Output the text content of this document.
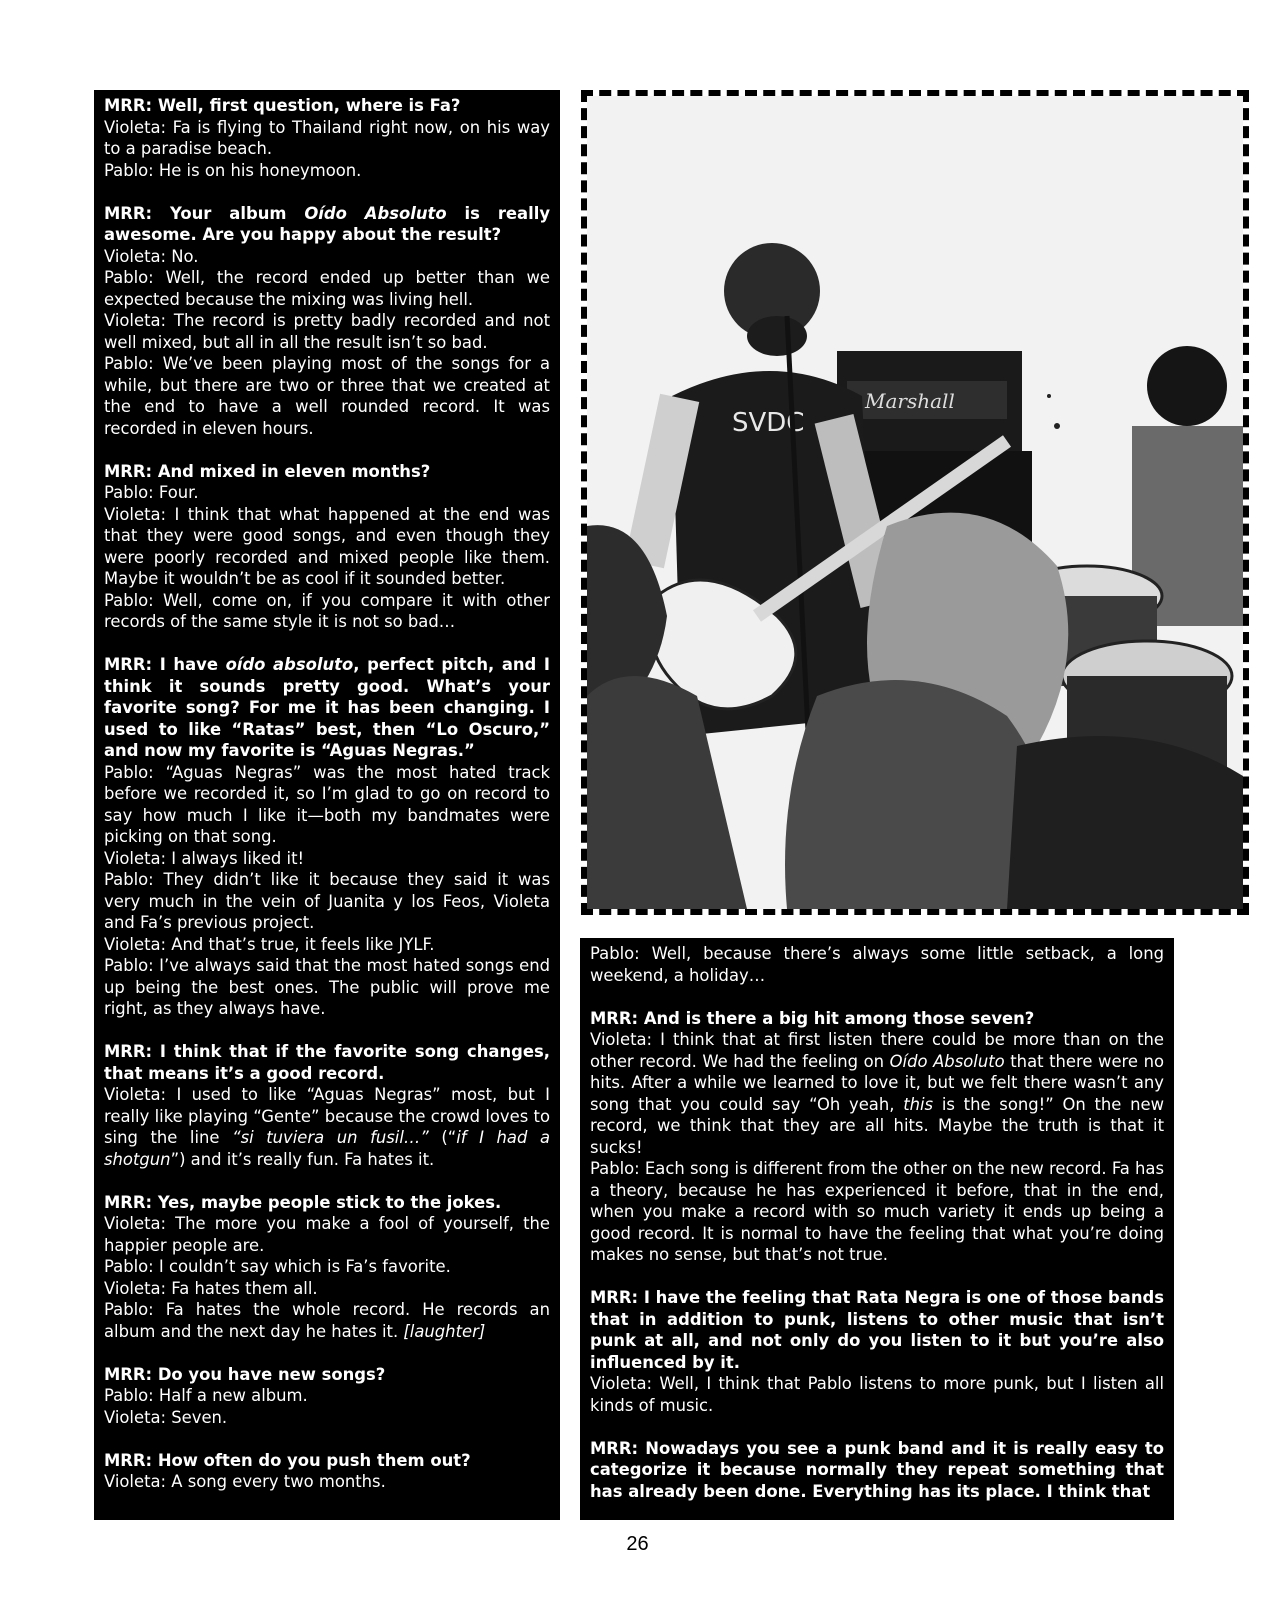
MRR: Well, first question, where is Fa?

Violeta: Fa is flying to Thailand right now, on his way to a paradise beach.

Pablo: He is on his honeymoon.

MRR: Your album Oído Absoluto is really awesome. Are you happy about the result?

Violeta: No.

Pablo: Well, the record ended up better than we expected because the mixing was living hell.

Violeta: The record is pretty badly recorded and not well mixed, but all in all the result isn’t so bad.

Pablo: We’ve been playing most of the songs for a while, but there are two or three that we created at the end to have a well rounded record. It was recorded in eleven hours.

MRR: And mixed in eleven months?

Pablo: Four.

Violeta: I think that what happened at the end was that they were good songs, and even though they were poorly recorded and mixed people like them. Maybe it wouldn’t be as cool if it sounded better.

Pablo: Well, come on, if you compare it with other records of the same style it is not so bad…

MRR: I have oído absoluto, perfect pitch, and I think it sounds pretty good. What’s your favorite song? For me it has been changing. I used to like “Ratas” best, then “Lo Oscuro,” and now my favorite is “Aguas Negras.”

Pablo: “Aguas Negras” was the most hated track before we recorded it, so I’m glad to go on record to say how much I like it—both my bandmates were picking on that song.

Violeta: I always liked it!

Pablo: They didn’t like it because they said it was very much in the vein of Juanita y los Feos, Violeta and Fa’s previous project.

Violeta: And that’s true, it feels like JYLF.

Pablo: I’ve always said that the most hated songs end up being the best ones. The public will prove me right, as they always have.

MRR: I think that if the favorite song changes, that means it’s a good record.

Violeta: I used to like “Aguas Negras” most, but I really like playing “Gente” because the crowd loves to sing the line “si tuviera un fusil…” (“if I had a shotgun”) and it’s really fun. Fa hates it.

MRR: Yes, maybe people stick to the jokes.

Violeta: The more you make a fool of yourself, the happier people are.

Pablo: I couldn’t say which is Fa’s favorite.

Violeta: Fa hates them all.

Pablo: Fa hates the whole record. He records an album and the next day he hates it. [laughter]

MRR: Do you have new songs?

Pablo: Half a new album.

Violeta: Seven.

MRR: How often do you push them out?

Violeta: A song every two months.

Marshall
SVDC

Pablo: Well, because there’s always some little setback, a long weekend, a holiday…

MRR: And is there a big hit among those seven?

Violeta: I think that at first listen there could be more than on the other record. We had the feeling on Oído Absoluto that there were no hits. After a while we learned to love it, but we felt there wasn’t any song that you could say “Oh yeah, this is the song!” On the new record, we think that they are all hits. Maybe the truth is that it sucks!

Pablo: Each song is different from the other on the new record. Fa has a theory, because he has experienced it before, that in the end, when you make a record with so much variety it ends up being a good record. It is normal to have the feeling that what you’re doing makes no sense, but that’s not true.

MRR: I have the feeling that Rata Negra is one of those bands that in addition to punk, listens to other music that isn’t punk at all, and not only do you listen to it but you’re also influenced by it.

Violeta: Well, I think that Pablo listens to more punk, but I listen all kinds of music.

MRR: Nowadays you see a punk band and it is really easy to categorize it because normally they repeat something that has already been done. Everything has its place. I think that

26
